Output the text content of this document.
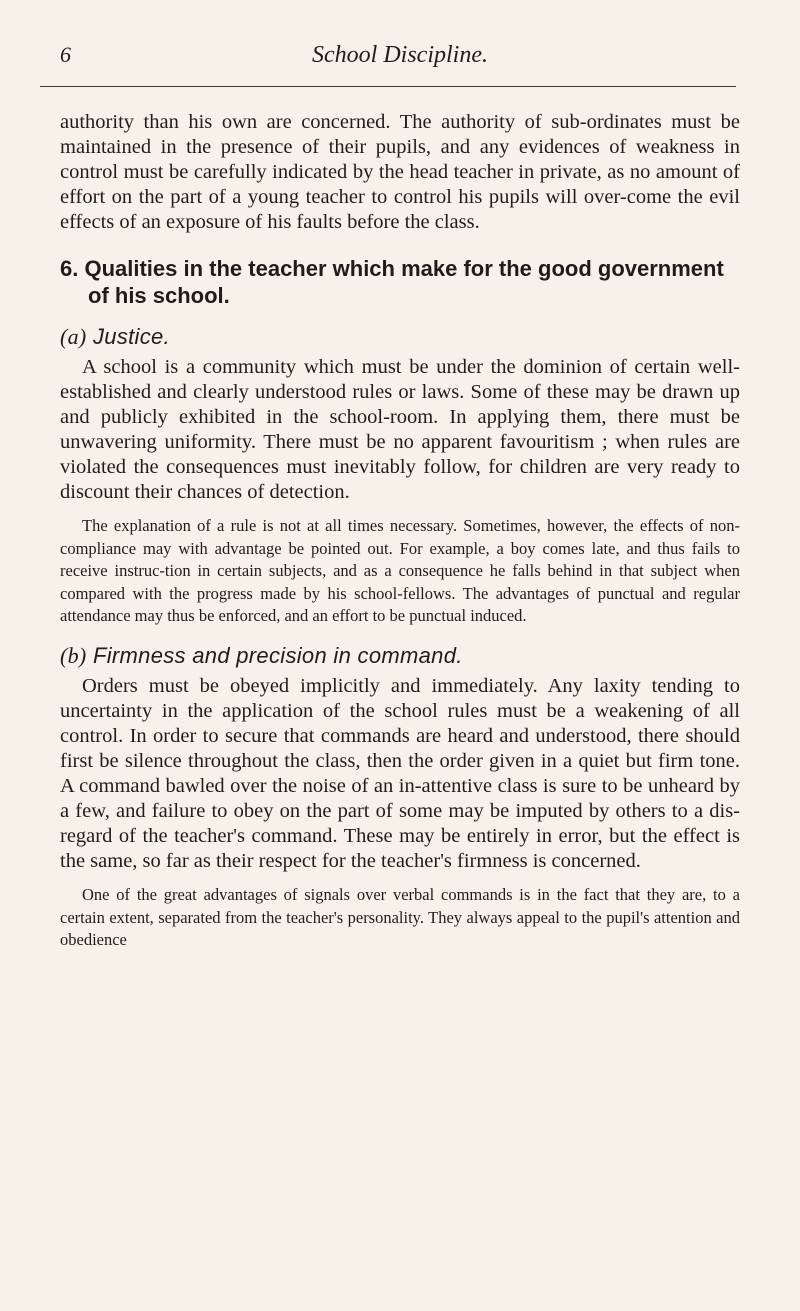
6	School Discipline.

authority than his own are concerned. The authority of sub-ordinates must be maintained in the presence of their pupils, and any evidences of weakness in control must be carefully indicated by the head teacher in private, as no amount of effort on the part of a young teacher to control his pupils will over-come the evil effects of an exposure of his faults before the class.

6. Qualities in the teacher which make for the good government of his school.

(a) Justice.

A school is a community which must be under the dominion of certain well-established and clearly understood rules or laws. Some of these may be drawn up and publicly exhibited in the school-room. In applying them, there must be unwavering uniformity. There must be no apparent favouritism ; when rules are violated the consequences must inevitably follow, for children are very ready to discount their chances of detection.

The explanation of a rule is not at all times necessary. Sometimes, however, the effects of non-compliance may with advantage be pointed out. For example, a boy comes late, and thus fails to receive instruc-tion in certain subjects, and as a consequence he falls behind in that subject when compared with the progress made by his school-fellows. The advantages of punctual and regular attendance may thus be enforced, and an effort to be punctual induced.

(b) Firmness and precision in command.

Orders must be obeyed implicitly and immediately. Any laxity tending to uncertainty in the application of the school rules must be a weakening of all control. In order to secure that commands are heard and understood, there should first be silence throughout the class, then the order given in a quiet but firm tone. A command bawled over the noise of an in-attentive class is sure to be unheard by a few, and failure to obey on the part of some may be imputed by others to a dis-regard of the teacher's command. These may be entirely in error, but the effect is the same, so far as their respect for the teacher's firmness is concerned.

One of the great advantages of signals over verbal commands is in the fact that they are, to a certain extent, separated from the teacher's personality. They always appeal to the pupil's attention and obedience
